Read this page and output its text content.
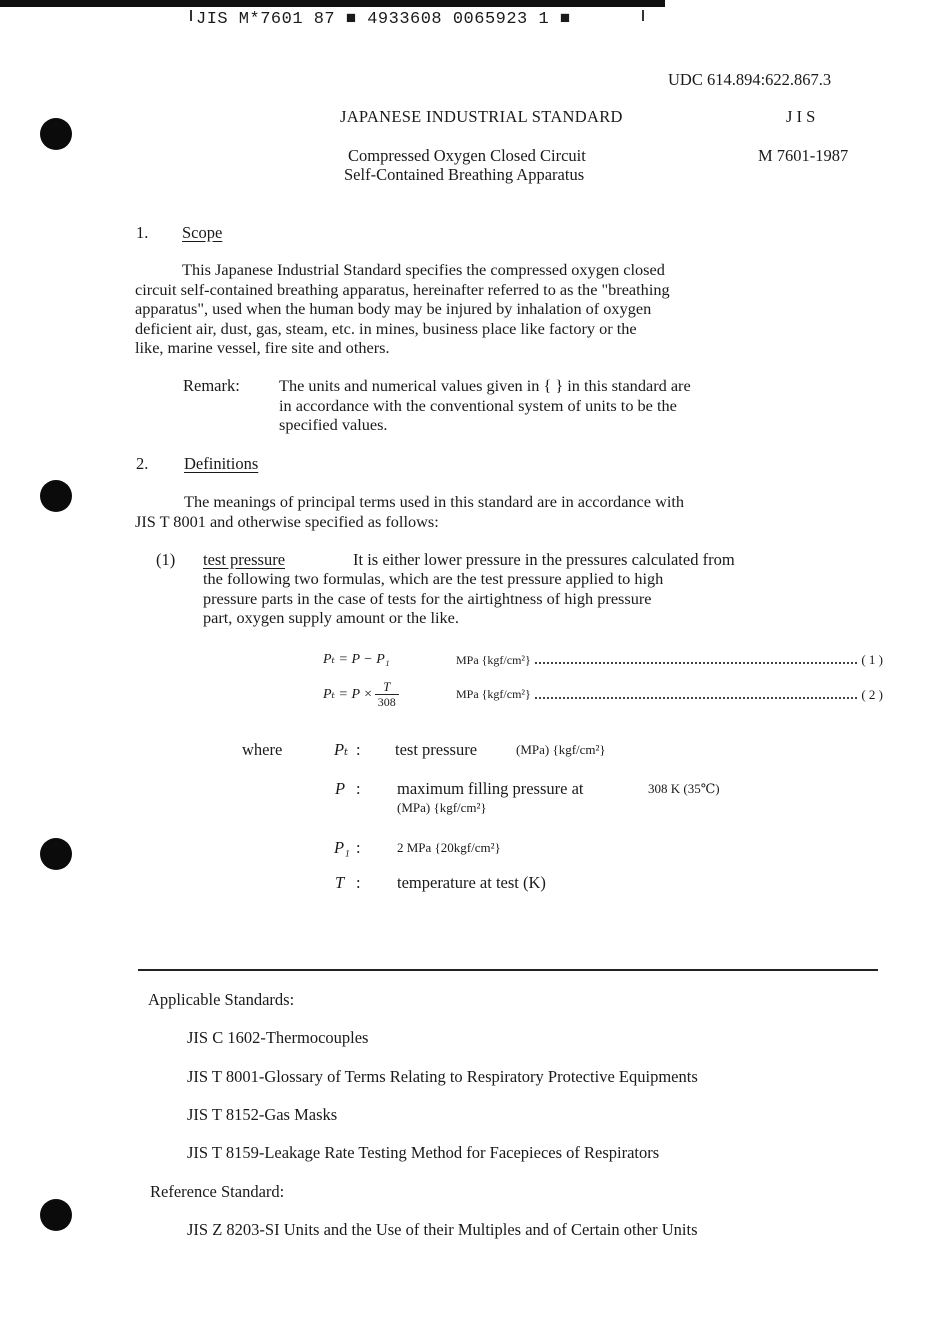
JIS M*7601 87 ■ 4933608 0065923 1 ■
UDC 614.894:622.867.3
JAPANESE INDUSTRIAL STANDARD	J I S
Compressed Oxygen Closed Circuit
Self-Contained Breathing Apparatus
M 7601-1987
1. Scope
This Japanese Industrial Standard specifies the compressed oxygen closed
circuit self-contained breathing apparatus, hereinafter referred to as the "breathing
apparatus", used when the human body may be injured by inhalation of oxygen
deficient air, dust, gas, steam, etc. in mines, business place like factory or the
like, marine vessel, fire site and others.
Remark: The units and numerical values given in { } in this standard are
in accordance with the conventional system of units to be the
specified values.
2. Definitions
The meanings of principal terms used in this standard are in accordance with
JIS T 8001 and otherwise specified as follows:
(1) test pressure	It is either lower pressure in the pressures calculated from
the following two formulas, which are the test pressure applied to high
pressure parts in the case of tests for the airtightness of high pressure
part, oxygen supply amount or the like.
Pₜ = P − P₁	MPa {kgf/cm²}	( 1 )
$P_t = P \times \frac{T}{308}$	MPa {kgf/cm²}	( 2 )
where	Pₜ : test pressure	(MPa) {kgf/cm²}
P : maximum filling pressure at	308 K (35℃)
(MPa) {kgf/cm²}
P₁ :	2 MPa {20kgf/cm²}
T : temperature at test (K)
Applicable Standards:
JIS C 1602-Thermocouples
JIS T 8001-Glossary of Terms Relating to Respiratory Protective Equipments
JIS T 8152-Gas Masks
JIS T 8159-Leakage Rate Testing Method for Facepieces of Respirators
Reference Standard:
JIS Z 8203-SI Units and the Use of their Multiples and of Certain other Units
